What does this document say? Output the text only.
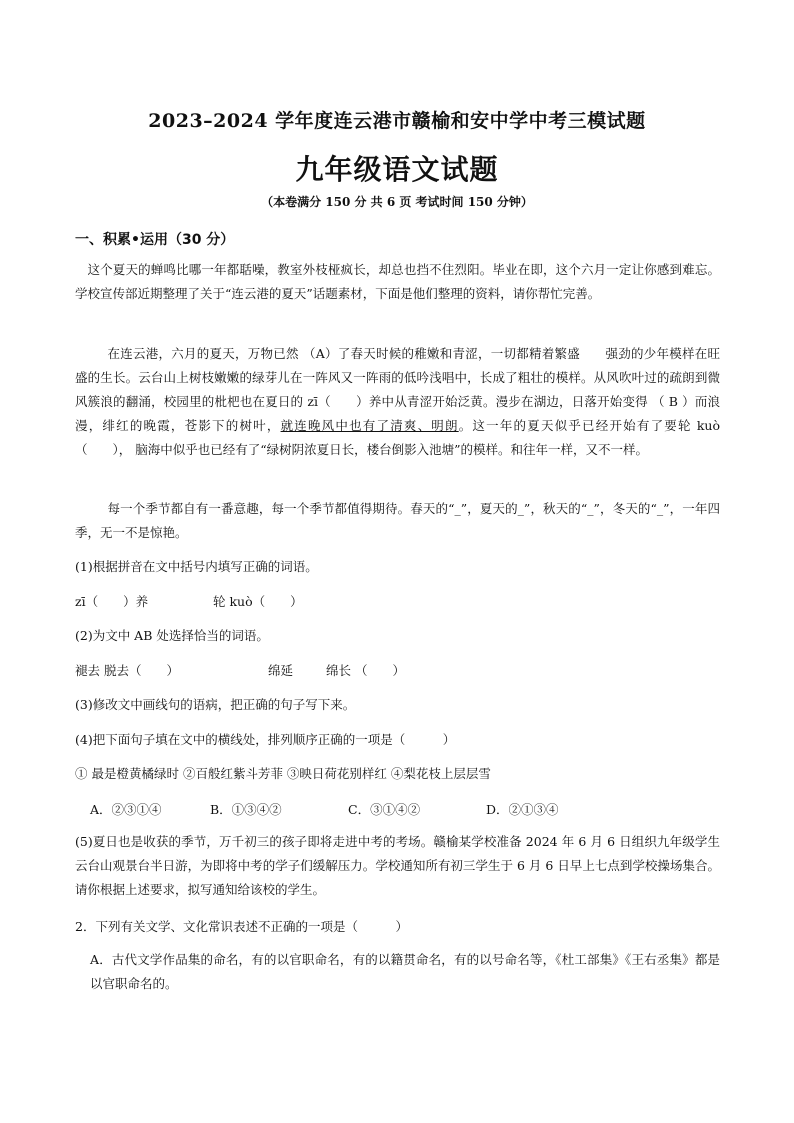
2023–2024 学年度连云港市赣榆和安中学中考三模试题
九年级语文试题
（本卷满分 150 分 共 6 页 考试时间 150 分钟）
一、积累•运用（30 分）
这个夏天的蝉鸣比哪一年都聒噪，教室外枝桠疯长，却总也挡不住烈阳。毕业在即，这个六月一定让你感到难忘。学校宣传部近期整理了关于“连云港的夏天”话题素材，下面是他们整理的资料，请你帮忙完善。
在连云港，六月的夏天，万物已然 （A）了春天时候的稚嫩和青涩，一切都精着繁盛　　强劲的少年模样在旺盛的生长。云台山上树枝嫩嫩的绿芽儿在一阵风又一阵雨的低吟浅唱中，长成了粗壮的模样。从风吹叶过的疏朗到微风簇浪的翻涌，校园里的枇杷也在夏日的 zī（　　）养中从青涩开始泛黄。漫步在湖边，日落开始变得 （ B ）而浪漫，绯红的晚霞，苍影下的树叶，就连晚风中也有了清爽、明朗。这一年的夏天似乎已经开始有了要轮 kuò（　　）， 脑海中似乎也已经有了“绿树阴浓夏日长，楼台倒影入池塘”的模样。和往年一样，又不一样。
每一个季节都自有一番意趣，每一个季节都值得期待。春天的“_”，夏天的_”，秋天的“_”，冬天的“_”，一年四季，无一不是惊艳。
(1)根据拼音在文中括号内填写正确的词语。
zī（　　）养	轮 kuò（　　）
(2)为文中 AB 处选择恰当的词语。
褪去 脱去（　　）	绵延	绵长 （　　）
(3)修改文中画线句的语病，把正确的句子写下来。
(4)把下面句子填在文中的横线处，排列顺序正确的一项是（　　　）
① 最是橙黄橘绿时 ②百般红紫斗芳菲 ③映日荷花别样红 ④梨花枝上层层雪
A．②③①④	B．①③④②	C．③①④②	D．②①③④
(5)夏日也是收获的季节，万千初三的孩子即将走进中考的考场。赣榆某学校准备 2024 年 6 月 6 日组织九年级学生云台山观景台半日游，为即将中考的学子们缓解压力。学校通知所有初三学生于 6 月 6 日早上七点到学校操场集合。请你根据上述要求，拟写通知给该校的学生。
2．下列有关文学、文化常识表述不正确的一项是（　　　）
A．古代文学作品集的命名，有的以官职命名，有的以籍贯命名，有的以号命名等，《杜工部集》《王右丞集》都是以官职命名的。
